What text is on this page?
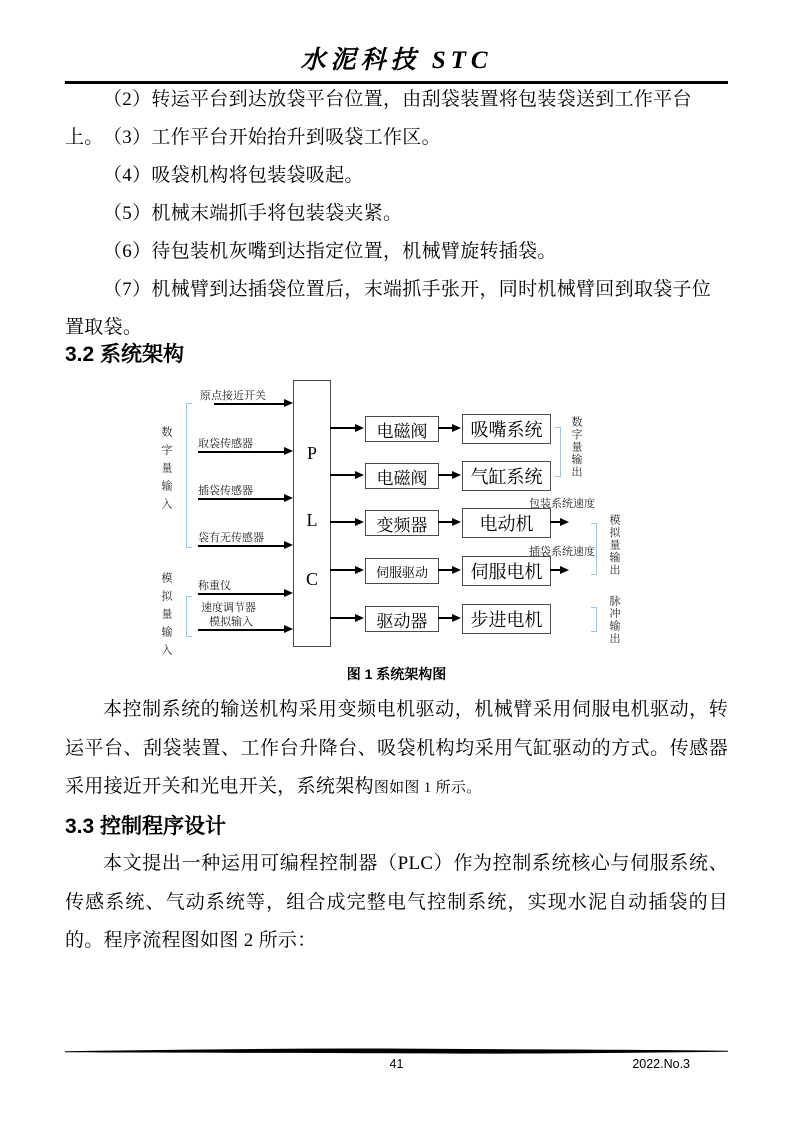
水泥科技 STC
（2）转运平台到达放袋平台位置，由刮袋装置将包装袋送到工作平台上。 （3）工作平台开始抬升到吸袋工作区。
（4）吸袋机构将包装袋吸起。
（5）机械末端抓手将包装袋夹紧。
（6）待包装机灰嘴到达指定位置，机械臂旋转插袋。
（7）机械臂到达插袋位置后，末端抓手张开，同时机械臂回到取袋子位置取袋。
3.2 系统架构
数字量输入
模拟量输入
原点接近开关
取袋传感器
插袋传感器
袋有无传感器
称重仪
速度调节器
模拟输入
P
L
C
电磁阀	吸嘴系统
电磁阀	气缸系统
变频器	电动机
包装系统速度
伺服驱动	伺服电机
插袋系统速度
驱动器	步进电机
数字量输出
模拟量输出
脉冲输出
图 1 系统架构图
本控制系统的输送机构采用变频电机驱动，机械臂采用伺服电机驱动，转运平台、刮袋装置、工作台升降台、吸袋机构均采用气缸驱动的方式。传感器采用接近开关和光电开关，系统架构图如图 1 所示。
3.3 控制程序设计
本文提出一种运用可编程控制器（PLC）作为控制系统核心与伺服系统、传感系统、气动系统等，组合成完整电气控制系统，实现水泥自动插袋的目的。程序流程图如图 2 所示：
41	2022.No.3
